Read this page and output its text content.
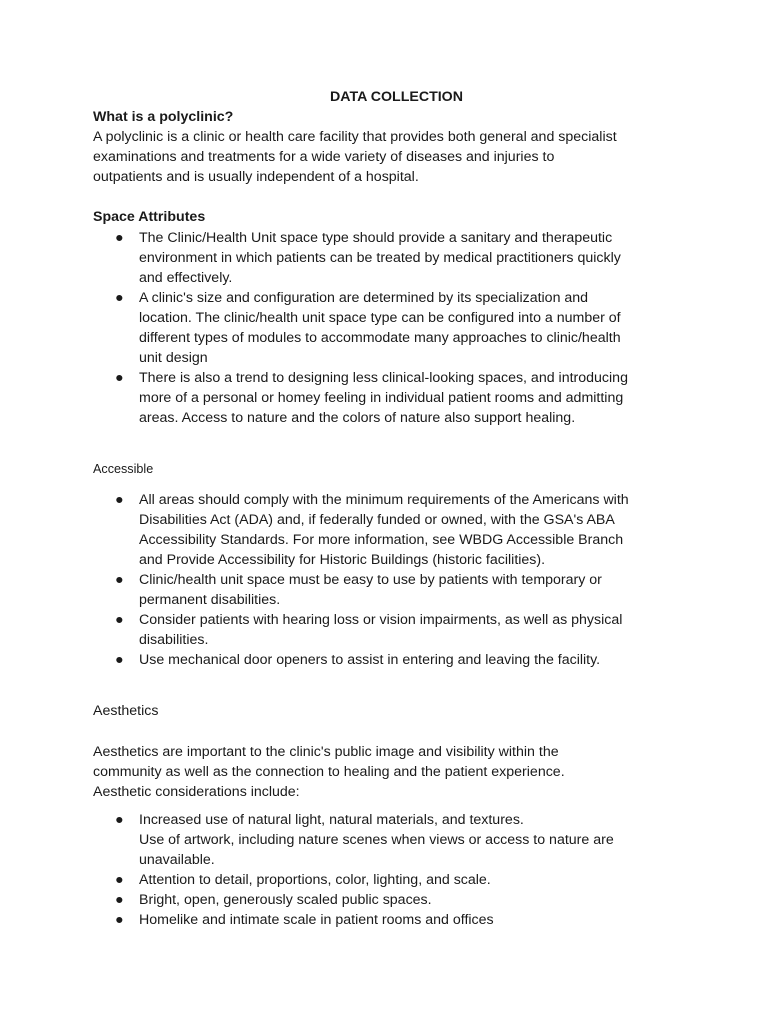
DATA COLLECTION

What is a polyclinic?

A polyclinic is a clinic or health care facility that provides both general and specialist
examinations and treatments for a wide variety of diseases and injuries to
outpatients and is usually independent of a hospital.

Space Attributes

● The Clinic/Health Unit space type should provide a sanitary and therapeutic
environment in which patients can be treated by medical practitioners quickly
and effectively.
● A clinic's size and configuration are determined by its specialization and
location. The clinic/health unit space type can be configured into a number of
different types of modules to accommodate many approaches to clinic/health
unit design
● There is also a trend to designing less clinical-looking spaces, and introducing
more of a personal or homey feeling in individual patient rooms and admitting
areas. Access to nature and the colors of nature also support healing.

Accessible

● All areas should comply with the minimum requirements of the Americans with
Disabilities Act (ADA) and, if federally funded or owned, with the GSA's ABA
Accessibility Standards. For more information, see WBDG Accessible Branch
and Provide Accessibility for Historic Buildings (historic facilities).
● Clinic/health unit space must be easy to use by patients with temporary or
permanent disabilities.
● Consider patients with hearing loss or vision impairments, as well as physical
disabilities.
● Use mechanical door openers to assist in entering and leaving the facility.

Aesthetics

Aesthetics are important to the clinic's public image and visibility within the
community as well as the connection to healing and the patient experience.
Aesthetic considerations include:

● Increased use of natural light, natural materials, and textures.
Use of artwork, including nature scenes when views or access to nature are
unavailable.
● Attention to detail, proportions, color, lighting, and scale.
● Bright, open, generously scaled public spaces.
● Homelike and intimate scale in patient rooms and offices
